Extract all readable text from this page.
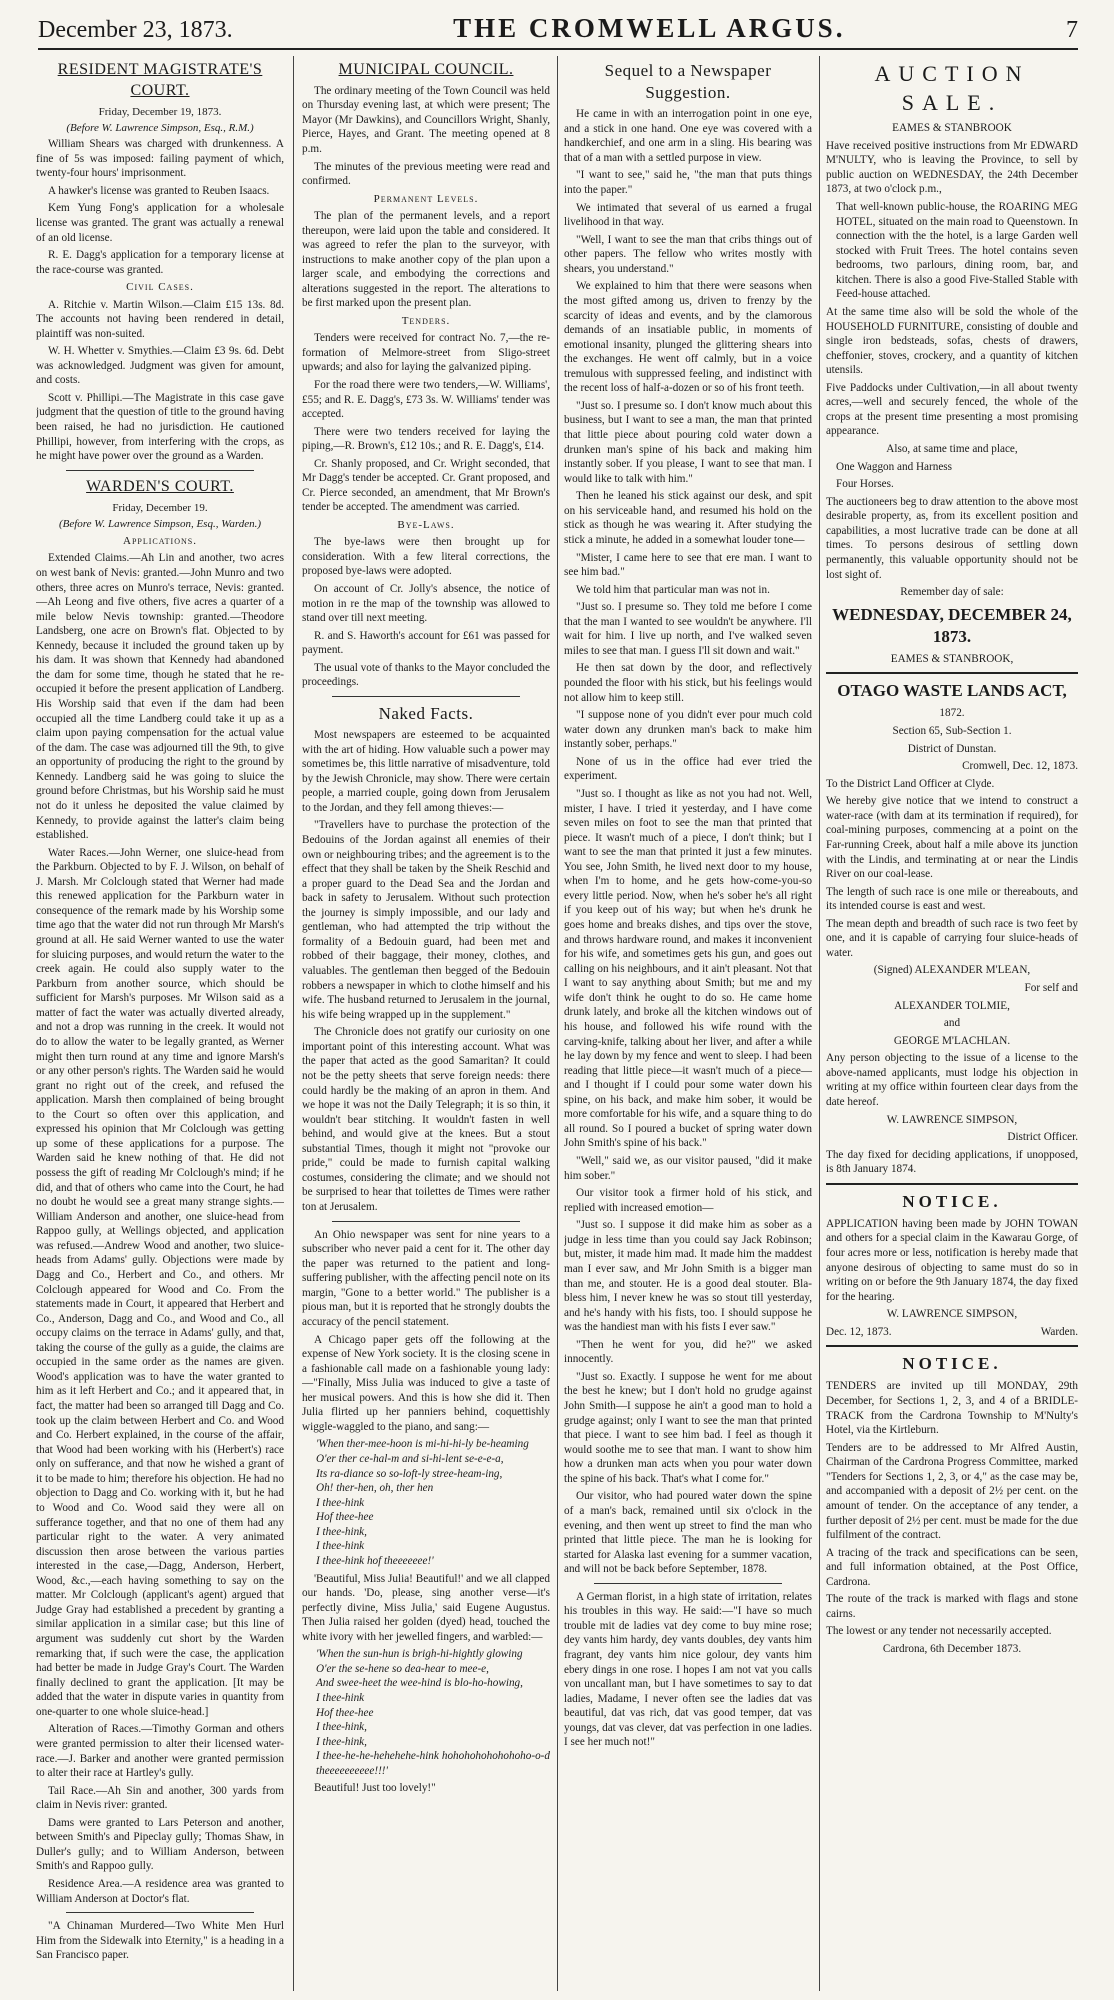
December 23, 1873.	THE CROMWELL ARGUS.	7
RESIDENT MAGISTRATE'S COURT.
Friday, December 19, 1873.
(Before W. Lawrence Simpson, Esq., R.M.)

William Shears was charged with drunkenness. A fine of 5s was imposed: failing payment of which, twenty-four hours' imprisonment.

A hawker's license was granted to Reuben Isaacs.

Kem Yung Fong's application for a wholesale license was granted. The grant was actually a renewal of an old license.

R. E. Dagg's application for a temporary license at the race-course was granted.

Civil Cases.

A. Ritchie v. Martin Wilson.—Claim £15 13s. 8d. The accounts not having been rendered in detail, plaintiff was non-suited.

W. H. Whetter v. Smythies.—Claim £3 9s. 6d. Debt was acknowledged. Judgment was given for amount, and costs.

Scott v. Phillipi.—The Magistrate in this case gave judgment that the question of title to the ground having been raised, he had no jurisdiction. He cautioned Phillipi, however, from interfering with the crops, as he might have power over the ground as a Warden.

WARDEN'S COURT.
Friday, December 19.
(Before W. Lawrence Simpson, Esq., Warden.)
Applications.

Extended Claims.—Ah Lin and another, two acres on west bank of Nevis: granted.—John Munro and two others, three acres on Munro's terrace, Nevis: granted.—Ah Leong and five others, five acres a quarter of a mile below Nevis township: granted.—Theodore Landsberg, one acre on Brown's flat. Objected to by Kennedy, because it included the ground taken up by his dam. It was shown that Kennedy had abandoned the dam for some time, though he stated that he re-occupied it before the present application of Landberg. His Worship said that even if the dam had been occupied all the time Landberg could take it up as a claim upon paying compensation for the actual value of the dam. The case was adjourned till the 9th, to give an opportunity of producing the right to the ground by Kennedy. Landberg said he was going to sluice the ground before Christmas, but his Worship said he must not do it unless he deposited the value claimed by Kennedy, to provide against the latter's claim being established.

Water Races.—John Werner, one sluice-head from the Parkburn. Objected to by F. J. Wilson, on behalf of J. Marsh. Mr Colclough stated that Werner had made this renewed application for the Parkburn water in consequence of the remark made by his Worship some time ago that the water did not run through Mr Marsh's ground at all. He said Werner wanted to use the water for sluicing purposes, and would return the water to the creek again. He could also supply water to the Parkburn from another source, which should be sufficient for Marsh's purposes. Mr Wilson said as a matter of fact the water was actually diverted already, and not a drop was running in the creek. It would not do to allow the water to be legally granted, as Werner might then turn round at any time and ignore Marsh's or any other person's rights. The Warden said he would grant no right out of the creek, and refused the application. Marsh then complained of being brought to the Court so often over this application, and expressed his opinion that Mr Colclough was getting up some of these applications for a purpose. The Warden said he knew nothing of that. He did not possess the gift of reading Mr Colclough's mind; if he did, and that of others who came into the Court, he had no doubt he would see a great many strange sights.—William Anderson and another, one sluice-head from Rappoo gully, at Wellings objected, and application was refused.—Andrew Wood and another, two sluice-heads from Adams' gully. Objections were made by Dagg and Co., Herbert and Co., and others. Mr Colclough appeared for Wood and Co. From the statements made in Court, it appeared that Herbert and Co., Anderson, Dagg and Co., and Wood and Co., all occupy claims on the terrace in Adams' gully, and that, taking the course of the gully as a guide, the claims are occupied in the same order as the names are given. Wood's application was to have the water granted to him as it left Herbert and Co.; and it appeared that, in fact, the matter had been so arranged till Dagg and Co. took up the claim between Herbert and Co. and Wood and Co. Herbert explained, in the course of the affair, that Wood had been working with his (Herbert's) race only on sufferance, and that now he wished a grant of it to be made to him; therefore his objection. He had no objection to Dagg and Co. working with it, but he had to Wood and Co. Wood said they were all on sufferance together, and that no one of them had any particular right to the water. A very animated discussion then arose between the various parties interested in the case,—Dagg, Anderson, Herbert, Wood, &c.,—each having something to say on the matter. Mr Colclough (applicant's agent) argued that Judge Gray had established a precedent by granting a similar application in a similar case; but this line of argument was suddenly cut short by the Warden remarking that, if such were the case, the application had better be made in Judge Gray's Court. The Warden finally declined to grant the application. [It may be added that the water in dispute varies in quantity from one-quarter to one whole sluice-head.]

Alteration of Races.—Timothy Gorman and others were granted permission to alter their licensed water-race.—J. Barker and another were granted permission to alter their race at Hartley's gully.

Tail Race.—Ah Sin and another, 300 yards from claim in Nevis river: granted.

Dams were granted to Lars Peterson and another, between Smith's and Pipeclay gully; Thomas Shaw, in Duller's gully; and to William Anderson, between Smith's and Rappoo gully.

Residence Area.—A residence area was granted to William Anderson at Doctor's flat.

"A Chinaman Murdered—Two White Men Hurl Him from the Sidewalk into Eternity," is a heading in a San Francisco paper.

MUNICIPAL COUNCIL.

The ordinary meeting of the Town Council was held on Thursday evening last, at which were present; The Mayor (Mr Dawkins), and Councillors Wright, Shanly, Pierce, Hayes, and Grant. The meeting opened at 8 p.m.

The minutes of the previous meeting were read and confirmed.

Permanent Levels.

The plan of the permanent levels, and a report thereupon, were laid upon the table and considered. It was agreed to refer the plan to the surveyor, with instructions to make another copy of the plan upon a larger scale, and embodying the corrections and alterations suggested in the report. The alterations to be first marked upon the present plan.

Tenders.

Tenders were received for contract No. 7,—the re-formation of Melmore-street from Sligo-street upwards; and also for laying the galvanized piping.

For the road there were two tenders,—W. Williams', £55; and R. E. Dagg's, £73 3s. W. Williams' tender was accepted.

There were two tenders received for laying the piping,—R. Brown's, £12 10s.; and R. E. Dagg's, £14.

Cr. Shanly proposed, and Cr. Wright seconded, that Mr Dagg's tender be accepted. Cr. Grant proposed, and Cr. Pierce seconded, an amendment, that Mr Brown's tender be accepted. The amendment was carried.

Bye-Laws.

The bye-laws were then brought up for consideration. With a few literal corrections, the proposed bye-laws were adopted.

On account of Cr. Jolly's absence, the notice of motion in re the map of the township was allowed to stand over till next meeting.

R. and S. Haworth's account for £61 was passed for payment.

The usual vote of thanks to the Mayor concluded the proceedings.

Naked Facts.

Most newspapers are esteemed to be acquainted with the art of hiding. How valuable such a power may sometimes be, this little narrative of misadventure, told by the Jewish Chronicle, may show. There were certain people, a married couple, going down from Jerusalem to the Jordan, and they fell among thieves:—

"Travellers have to purchase the protection of the Bedouins of the Jordan against all enemies of their own or neighbouring tribes; and the agreement is to the effect that they shall be taken by the Sheik Reschid and a proper guard to the Dead Sea and the Jordan and back in safety to Jerusalem. Without such protection the journey is simply impossible, and our lady and gentleman, who had attempted the trip without the formality of a Bedouin guard, had been met and robbed of their baggage, their money, clothes, and valuables. The gentleman then begged of the Bedouin robbers a newspaper in which to clothe himself and his wife. The husband returned to Jerusalem in the journal, his wife being wrapped up in the supplement."

The Chronicle does not gratify our curiosity on one important point of this interesting account. What was the paper that acted as the good Samaritan? It could not be the petty sheets that serve foreign needs: there could hardly be the making of an apron in them. And we hope it was not the Daily Telegraph; it is so thin, it wouldn't bear stitching. It wouldn't fasten in well behind, and would give at the knees. But a stout substantial Times, though it might not "provoke our pride," could be made to furnish capital walking costumes, considering the climate; and we should not be surprised to hear that toilettes de Times were rather ton at Jerusalem.

An Ohio newspaper was sent for nine years to a subscriber who never paid a cent for it. The other day the paper was returned to the patient and long-suffering publisher, with the affecting pencil note on its margin, "Gone to a better world." The publisher is a pious man, but it is reported that he strongly doubts the accuracy of the pencil statement.

A Chicago paper gets off the following at the expense of New York society. It is the closing scene in a fashionable call made on a fashionable young lady:—"Finally, Miss Julia was induced to give a taste of her musical powers. And this is how she did it. Then Julia flirted up her panniers behind, coquettishly wiggle-waggled to the piano, and sang:—

'When ther-mee-hoon is mi-hi-hi-ly be-heaming
O'er ther ce-hal-m and si-hi-lent se-e-e-a,
Its ra-diance so so-loft-ly stree-heam-ing,
Oh! ther-hen, oh, ther hen
I thee-hink
Hof thee-hee
I thee-hink,
I thee-hink
I thee-hink hof theeeeeee!'

'Beautiful, Miss Julia! Beautiful!' and we all clapped our hands. 'Do, please, sing another verse—it's perfectly divine, Miss Julia,' said Eugene Augustus. Then Julia raised her golden (dyed) head, touched the white ivory with her jewelled fingers, and warbled:—

'When the sun-hun is brigh-hi-hightly glowing
O'er the se-hene so dea-hear to mee-e,
And swee-heet the wee-hind is blo-ho-howing,
I thee-hink
Hof thee-hee
I thee-hink,
I thee-hink,
I thee-he-he-hehehehe-hink hohohohohohohoho-o-d theeeeeeeeee!!!'

Beautiful! Just too lovely!"

Sequel to a Newspaper Suggestion.

He came in with an interrogation point in one eye, and a stick in one hand. One eye was covered with a handkerchief, and one arm in a sling. His bearing was that of a man with a settled purpose in view.

"I want to see," said he, "the man that puts things into the paper."

We intimated that several of us earned a frugal livelihood in that way.

"Well, I want to see the man that cribs things out of other papers. The fellow who writes mostly with shears, you understand."

We explained to him that there were seasons when the most gifted among us, driven to frenzy by the scarcity of ideas and events, and by the clamorous demands of an insatiable public, in moments of emotional insanity, plunged the glittering shears into the exchanges. He went off calmly, but in a voice tremulous with suppressed feeling, and indistinct with the recent loss of half-a-dozen or so of his front teeth.

"Just so. I presume so. I don't know much about this business, but I want to see a man, the man that printed that little piece about pouring cold water down a drunken man's spine of his back and making him instantly sober. If you please, I want to see that man. I would like to talk with him."

Then he leaned his stick against our desk, and spit on his serviceable hand, and resumed his hold on the stick as though he was wearing it. After studying the stick a minute, he added in a somewhat louder tone—

"Mister, I came here to see that ere man. I want to see him bad."

We told him that particular man was not in.

"Just so. I presume so. They told me before I come that the man I wanted to see wouldn't be anywhere. I'll wait for him. I live up north, and I've walked seven miles to see that man. I guess I'll sit down and wait."

He then sat down by the door, and reflectively pounded the floor with his stick, but his feelings would not allow him to keep still.

"I suppose none of you didn't ever pour much cold water down any drunken man's back to make him instantly sober, perhaps."

None of us in the office had ever tried the experiment.

"Just so. I thought as like as not you had not. Well, mister, I have. I tried it yesterday, and I have come seven miles on foot to see the man that printed that piece. It wasn't much of a piece, I don't think; but I want to see the man that printed it just a few minutes. You see, John Smith, he lived next door to my house, when I'm to home, and he gets how-come-you-so every little period. Now, when he's sober he's all right if you keep out of his way; but when he's drunk he goes home and breaks dishes, and tips over the stove, and throws hardware round, and makes it inconvenient for his wife, and sometimes gets his gun, and goes out calling on his neighbours, and it ain't pleasant. Not that I want to say anything about Smith; but me and my wife don't think he ought to do so. He came home drunk lately, and broke all the kitchen windows out of his house, and followed his wife round with the carving-knife, talking about her liver, and after a while he lay down by my fence and went to sleep. I had been reading that little piece—it wasn't much of a piece—and I thought if I could pour some water down his spine, on his back, and make him sober, it would be more comfortable for his wife, and a square thing to do all round. So I poured a bucket of spring water down John Smith's spine of his back."

"Well," said we, as our visitor paused, "did it make him sober."

Our visitor took a firmer hold of his stick, and replied with increased emotion—

"Just so. I suppose it did make him as sober as a judge in less time than you could say Jack Robinson; but, mister, it made him mad. It made him the maddest man I ever saw, and Mr John Smith is a bigger man than me, and stouter. He is a good deal stouter. Bla-bless him, I never knew he was so stout till yesterday, and he's handy with his fists, too. I should suppose he was the handiest man with his fists I ever saw."

"Then he went for you, did he?" we asked innocently.

"Just so. Exactly. I suppose he went for me about the best he knew; but I don't hold no grudge against John Smith—I suppose he ain't a good man to hold a grudge against; only I want to see the man that printed that piece. I want to see him bad. I feel as though it would soothe me to see that man. I want to show him how a drunken man acts when you pour water down the spine of his back. That's what I come for."

Our visitor, who had poured water down the spine of a man's back, remained until six o'clock in the evening, and then went up street to find the man who printed that little piece. The man he is looking for started for Alaska last evening for a summer vacation, and will not be back before September, 1878.

A German florist, in a high state of irritation, relates his troubles in this way. He said:—"I have so much trouble mit de ladies vat dey come to buy mine rose; dey vants him hardy, dey vants doubles, dey vants him fragrant, dey vants him nice golour, dey vants him ebery dings in one rose. I hopes I am not vat you calls von uncallant man, but I have sometimes to say to dat ladies, Madame, I never often see the ladies dat vas beautiful, dat vas rich, dat vas good temper, dat vas youngs, dat vas clever, dat vas perfection in one ladies. I see her much not!"

AUCTION SALE.

EAMES & STANBROOK

Have received positive instructions from Mr EDWARD M'NULTY, who is leaving the Province, to sell by public auction on WEDNESDAY, the 24th December 1873, at two o'clock p.m.,

That well-known public-house, the ROARING MEG HOTEL, situated on the main road to Queenstown. In connection with the the hotel, is a large Garden well stocked with Fruit Trees. The hotel contains seven bedrooms, two parlours, dining room, bar, and kitchen. There is also a good Five-Stalled Stable with Feed-house attached.

At the same time also will be sold the whole of the HOUSEHOLD FURNITURE, consisting of double and single iron bedsteads, sofas, chests of drawers, cheffonier, stoves, crockery, and a quantity of kitchen utensils.

Five Paddocks under Cultivation,—in all about twenty acres,—well and securely fenced, the whole of the crops at the present time presenting a most promising appearance.

Also, at same time and place,

One Waggon and Harness

Four Horses.

The auctioneers beg to draw attention to the above most desirable property, as, from its excellent position and capabilities, a most lucrative trade can be done at all times. To persons desirous of settling down permanently, this valuable opportunity should not be lost sight of.

Remember day of sale:

WEDNESDAY, DECEMBER 24, 1873.

EAMES & STANBROOK,

OTAGO WASTE LANDS ACT,

1872.

Section 65, Sub-Section 1.

District of Dunstan.

Cromwell, Dec. 12, 1873.

To the District Land Officer at Clyde.

We hereby give notice that we intend to construct a water-race (with dam at its termination if required), for coal-mining purposes, commencing at a point on the Far-running Creek, about half a mile above its junction with the Lindis, and terminating at or near the Lindis River on our coal-lease.

The length of such race is one mile or thereabouts, and its intended course is east and west.

The mean depth and breadth of such race is two feet by one, and it is capable of carrying four sluice-heads of water.

(Signed) ALEXANDER M'LEAN,

For self and

ALEXANDER TOLMIE,

and

GEORGE M'LACHLAN.

Any person objecting to the issue of a license to the above-named applicants, must lodge his objection in writing at my office within fourteen clear days from the date hereof.

W. LAWRENCE SIMPSON,

District Officer.

The day fixed for deciding applications, if unopposed, is 8th January 1874.

NOTICE.

APPLICATION having been made by JOHN TOWAN and others for a special claim in the Kawarau Gorge, of four acres more or less, notification is hereby made that anyone desirous of objecting to same must do so in writing on or before the 9th January 1874, the day fixed for the hearing.

W. LAWRENCE SIMPSON,

Dec. 12, 1873.	Warden.

NOTICE.

TENDERS are invited up till MONDAY, 29th December, for Sections 1, 2, 3, and 4 of a BRIDLE-TRACK from the Cardrona Township to M'Nulty's Hotel, via the Kirtleburn.

Tenders are to be addressed to Mr Alfred Austin, Chairman of the Cardrona Progress Committee, marked "Tenders for Sections 1, 2, 3, or 4," as the case may be, and accompanied with a deposit of 2½ per cent. on the amount of tender. On the acceptance of any tender, a further deposit of 2½ per cent. must be made for the due fulfilment of the contract.

A tracing of the track and specifications can be seen, and full information obtained, at the Post Office, Cardrona.

The route of the track is marked with flags and stone cairns.

The lowest or any tender not necessarily accepted.

Cardrona, 6th December 1873.
